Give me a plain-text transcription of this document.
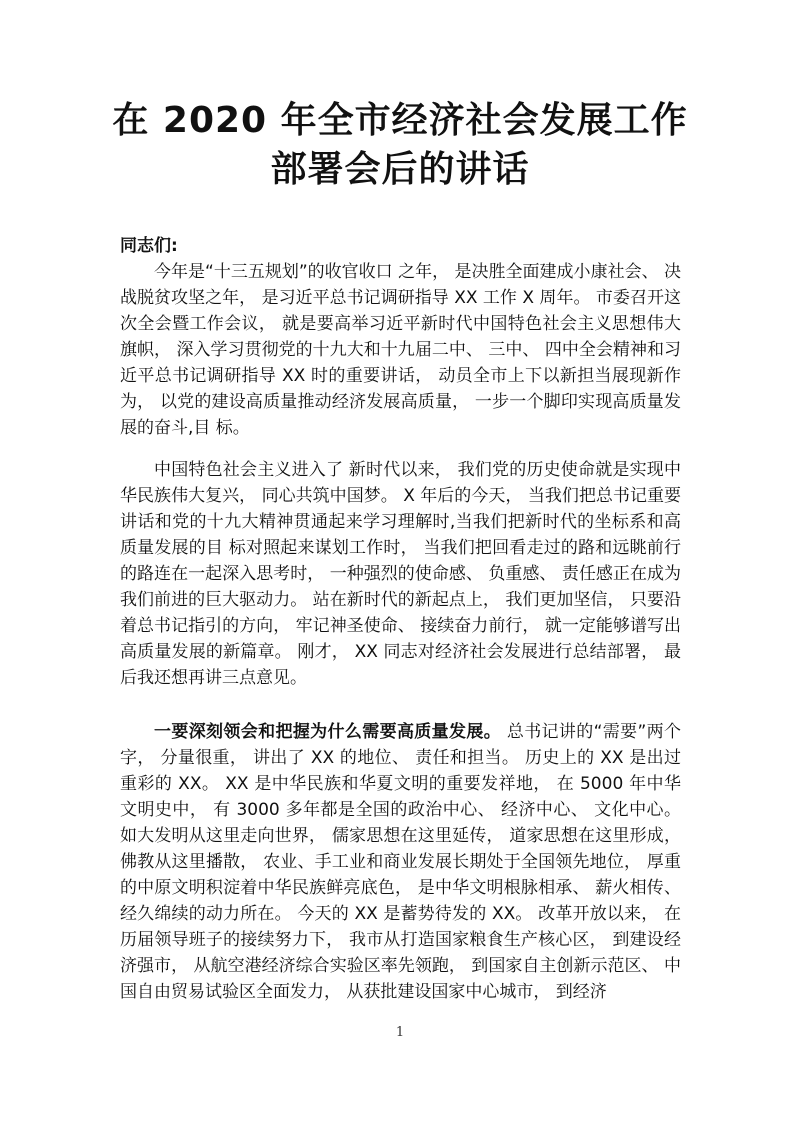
在 2020 年全市经济社会发展工作
部署会后的讲话
同志们:

今年是“十三五规划”的收官收口 之年， 是决胜全面建成小康社会、 决战脱贫攻坚之年， 是习近平总书记调研指导 XX 工作 X 周年。 市委召开这次全会暨工作会议， 就是要高举习近平新时代中国特色社会主义思想伟大旗帜， 深入学习贯彻党的十九大和十九届二中、 三中、 四中全会精神和习近平总书记调研指导 XX 时的重要讲话， 动员全市上下以新担当展现新作为， 以党的建设高质量推动经济发展高质量， 一步一个脚印实现高质量发展的奋斗,目 标。

中国特色社会主义进入了 新时代以来， 我们党的历史使命就是实现中华民族伟大复兴， 同心共筑中国梦。 X 年后的今天， 当我们把总书记重要讲话和党的十九大精神贯通起来学习理解时,当我们把新时代的坐标系和高质量发展的目 标对照起来谋划工作时， 当我们把回看走过的路和远眺前行的路连在一起深入思考时， 一种强烈的使命感、 负重感、 责任感正在成为我们前进的巨大驱动力。 站在新时代的新起点上， 我们更加坚信， 只要沿着总书记指引的方向， 牢记神圣使命、 接续奋力前行， 就一定能够谱写出高质量发展的新篇章。 刚才， XX 同志对经济社会发展进行总结部署， 最后我还想再讲三点意见。

一要深刻领会和把握为什么需要高质量发展。 总书记讲的“需要”两个字， 分量很重， 讲出了 XX 的地位、 责任和担当。 历史上的 XX 是出过重彩的 XX。 XX 是中华民族和华夏文明的重要发祥地， 在 5000 年中华文明史中， 有 3000 多年都是全国的政治中心、 经济中心、 文化中心。 如大发明从这里走向世界， 儒家思想在这里延传， 道家思想在这里形成， 佛教从这里播散， 农业、手工业和商业发展长期处于全国领先地位， 厚重的中原文明积淀着中华民族鲜亮底色， 是中华文明根脉相承、 薪火相传、 经久绵续的动力所在。 今天的 XX 是蓄势待发的 XX。 改革开放以来， 在历届领导班子的接续努力下， 我市从打造国家粮食生产核心区， 到建设经济强市， 从航空港经济综合实验区率先领跑， 到国家自主创新示范区、 中国自由贸易试验区全面发力， 从获批建设国家中心城市， 到经济

1
